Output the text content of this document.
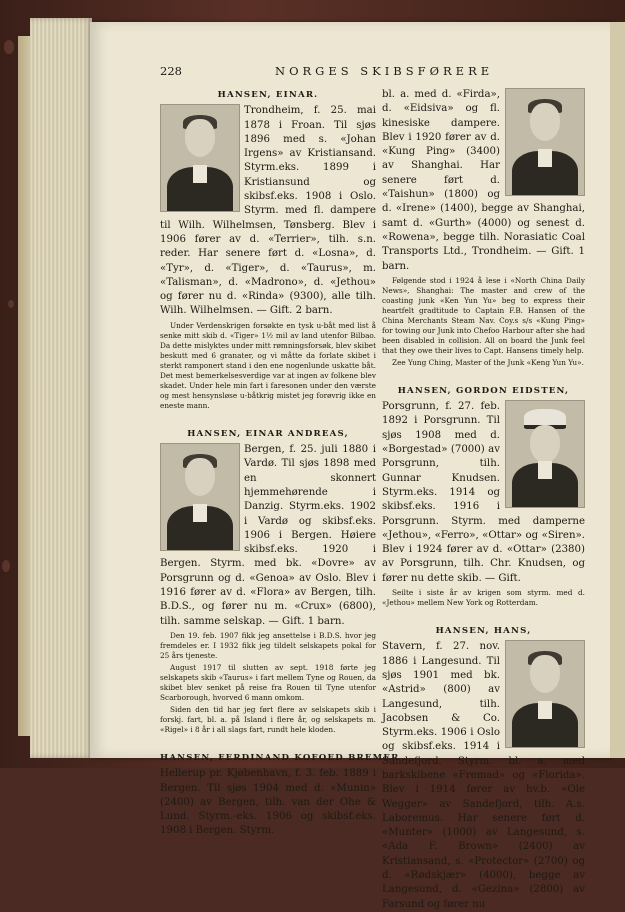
228	NORGES SKIBSFØRERE
HANSEN, EINAR.
Trondheim, f. 25. mai 1878 i Froan. Til sjøs 1896 med s. «Johan Irgens» av Kristiansand. Styrm.eks. 1899 i Kristiansund og skibsf.eks. 1908 i Oslo. Styrm. med fl. dampere til Wilh. Wilhelmsen, Tønsberg. Blev i 1906 fører av d. «Terrier», tilh. s.n. reder. Har senere ført d. «Losna», d. «Tyr», d. «Tiger», d. «Taurus», m. «Talisman», d. «Madrono», d. «Jethou» og fører nu d. «Rinda» (9300), alle tilh. Wilh. Wilhelmsen. — Gift. 2 barn.
Under Verdenskrigen forsøkte en tysk u-båt med list å senke mitt skib d. «Tiger» 1½ mil av land utenfor Bilbao. Da dette mislyktes under mitt rømningsforsøk, blev skibet beskutt med 6 granater, og vi måtte da forlate skibet i sterkt ramponert stand i den ene nogenlunde uskatte båt. Det mest bemerkelsesverdige var at ingen av folkene blev skadet. Under hele min fart i faresonen under den værste og mest hensynsløse u-båtkrig mistet jeg forøvrig ikke en eneste mann.
HANSEN, EINAR ANDREAS,
Bergen, f. 25. juli 1880 i Vardø. Til sjøs 1898 med en skonnert hjemmehørende i Danzig. Styrm.eks. 1902 i Vardø og skibsf.eks. 1906 i Bergen. Høiere skibsf.eks. 1920 i Bergen. Styrm. med bk. «Dovre» av Porsgrunn og d. «Genoa» av Oslo. Blev i 1916 fører av d. «Flora» av Bergen, tilh. B.D.S., og fører nu m. «Crux» (6800), tilh. samme selskap. — Gift. 1 barn.
Den 19. feb. 1907 fikk jeg ansettelse i B.D.S. hvor jeg fremdeles er. I 1932 fikk jeg tildelt selskapets pokal for 25 års tjeneste.
August 1917 til slutten av sept. 1918 førte jeg selskapets skib «Taurus» i fart mellem Tyne og Rouen, da skibet blev senket på reise fra Rouen til Tyne utenfor Scarborough, hvorved 6 mann omkom.
Siden den tid har jeg ført flere av selskapets skib i forskj. fart, bl. a. på Island i flere år, og selskapets m. «Rigel» i 8 år i all slags fart, rundt hele kloden.
HANSEN, FERDINAND KOFOED BREMER
Hellerup pr. Kjøbenhavn, f. 3. feb. 1889 i Bergen. Til sjøs 1904 med d. «Munin» (2400) av Bergen, tilh. van der Ohe & Lund. Styrm.-eks. 1906 og skibsf.eks. 1908 i Bergen. Styrm.
bl. a. med d. «Firda», d. «Eidsiva» og fl. kinesiske dampere. Blev i 1920 fører av d. «Kung Ping» (3400) av Shanghai. Har senere ført d. «Taishun» (1800) og d. «Irene» (1400), begge av Shanghai, samt d. «Gurth» (4000) og senest d. «Rowena», begge tilh. Norasiatic Coal Transports Ltd., Trondheim. — Gift. 1 barn.
Følgende stod i 1924 å lese i «North China Daily News», Shanghai: The master and crew of the coasting junk «Ken Yun Yu» beg to express their heartfelt gradtitude to Captain F.B. Hansen of the China Merchants Steam Nav. Coy.s s/s «Kung Ping» for towing our Junk into Chefoo Harbour after she had been disabled in collision. All on board the Junk feel that they owe their lives to Capt. Hansens timely help.
Zee Yung Ching, Master of the Junk «Keng Yun Yu».
HANSEN, GORDON EIDSTEN,
Porsgrunn, f. 27. feb. 1892 i Porsgrunn. Til sjøs 1908 med d. «Borgestad» (7000) av Porsgrunn, tilh. Gunnar Knudsen. Styrm.eks. 1914 og skibsf.eks. 1916 i Porsgrunn. Styrm. med damperne «Jethou», «Ferro», «Ottar» og «Siren». Blev i 1924 fører av d. «Ottar» (2380) av Porsgrunn, tilh. Chr. Knudsen, og fører nu dette skib. — Gift.
Seilte i siste år av krigen som styrm. med d. «Jethou» mellem New York og Rotterdam.
HANSEN, HANS,
Stavern, f. 27. nov. 1886 i Langesund. Til sjøs 1901 med bk. «Astrid» (800) av Langesund, tilh. Jacobsen & Co. Styrm.eks. 1906 i Oslo og skibsf.eks. 1914 i Sandefjord. Styrm. bl. a. med barkskibene «Fremad» og «Florida». Blev i 1914 fører av hv.b. «Ole Wegger» av Sandefjord, tilh. A.s. Laboremus. Har senere ført d. «Munter» (1000) av Langesund, s. «Ada F. Brown» (2400) av Kristiansand, s. «Protector» (2700) og d. «Rødskjær» (4000), begge av Langesund, d. «Gezina» (2800) av Farsund og fører nu
